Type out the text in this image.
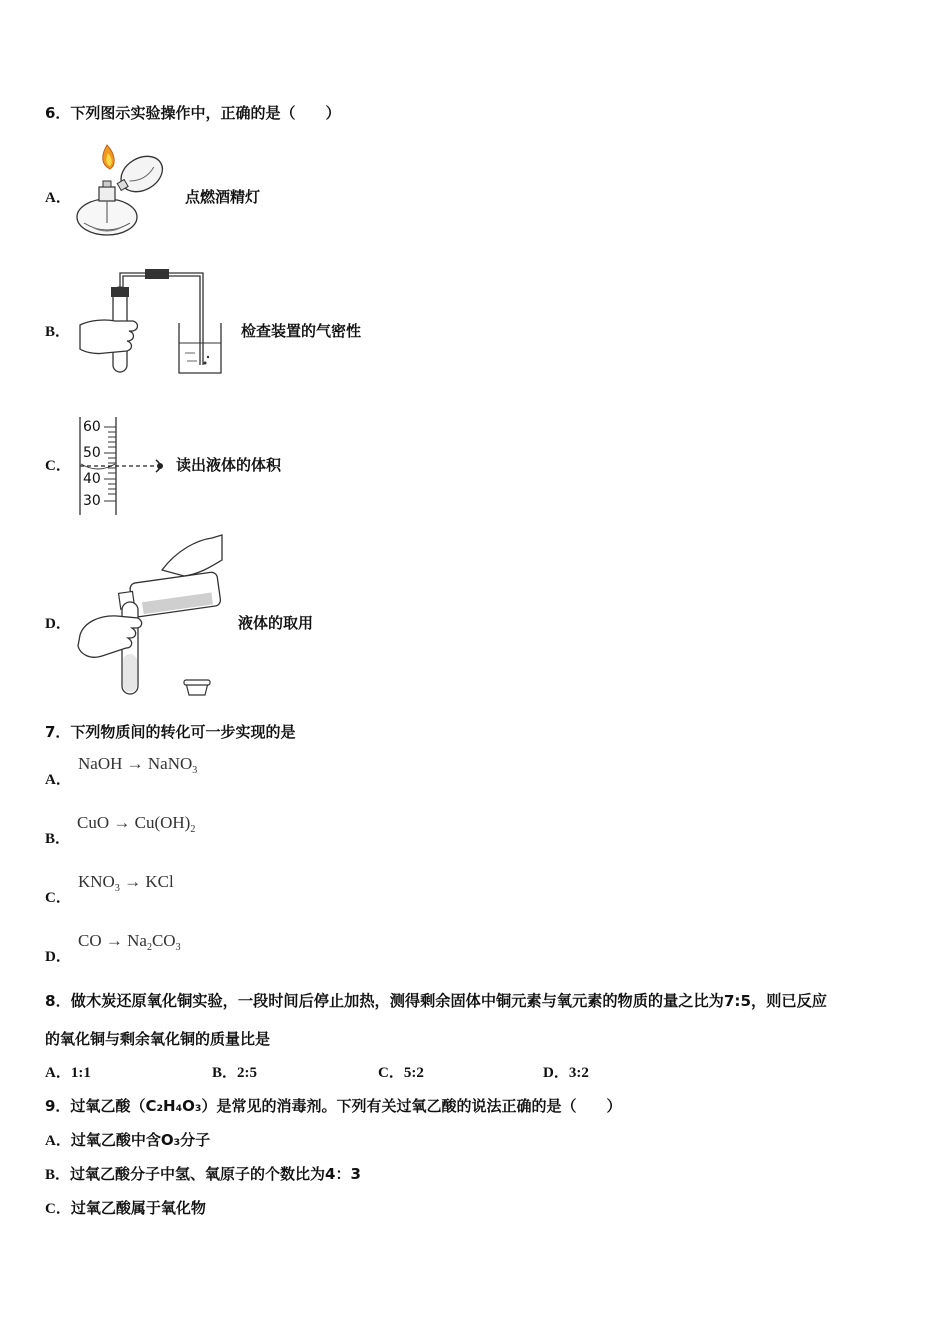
6．下列图示实验操作中，正确的是（　　）
A．	点燃酒精灯
B．	检查装置的气密性
C．
60
50
40
30
读出液体的体积
D．	液体的取用
7．下列物质间的转化可一步实现的是
A．
NaOH → NaNO$_3$
B．
CuO → $Cu(OH)_2$
C．
$KNO_3$ → KCl
D．
CO → $Na_2CO_3$
8．做木炭还原氧化铜实验，一段时间后停止加热，测得剩余固体中铜元素与氧元素的物质的量之比为7:5，则已反应
的氧化铜与剩余氧化铜的质量比是
A．1:1	B．2:5	C．5:2	D．3:2
9．过氧乙酸（C₂H₄O₃）是常见的消毒剂。下列有关过氧乙酸的说法正确的是（　　）
A．过氧乙酸中含O₃分子
B．过氧乙酸分子中氢、氧原子的个数比为4：3
C．过氧乙酸属于氧化物
